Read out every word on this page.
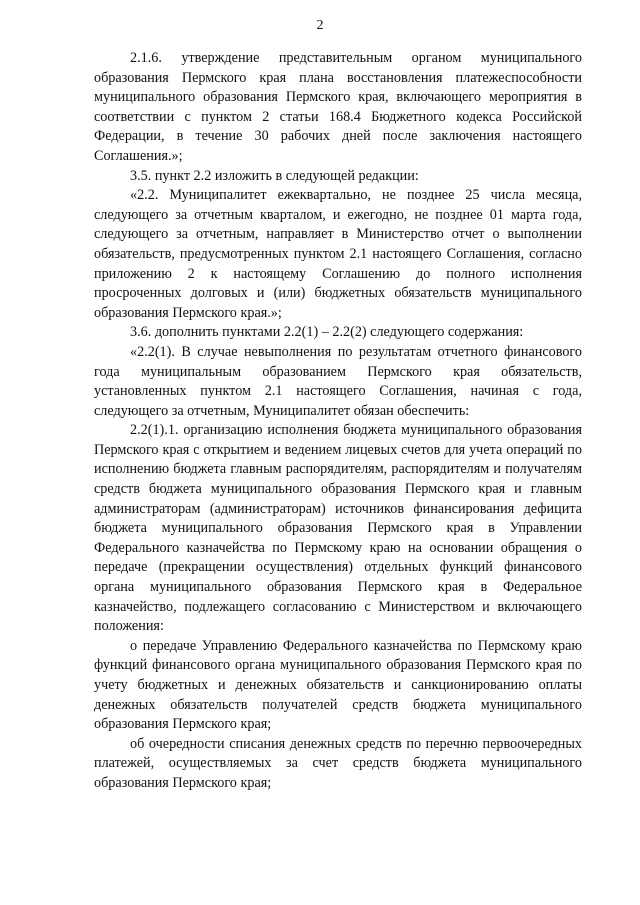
2

2.1.6. утверждение представительным органом муниципального образования Пермского края плана восстановления платежеспособности муниципального образования Пермского края, включающего мероприятия в соответствии с пунктом 2 статьи 168.4 Бюджетного кодекса Российской Федерации, в течение 30 рабочих дней после заключения настоящего Соглашения.»;

3.5. пункт 2.2 изложить в следующей редакции:

«2.2. Муниципалитет ежеквартально, не позднее 25 числа месяца, следующего за отчетным кварталом, и ежегодно, не позднее 01 марта года, следующего за отчетным, направляет в Министерство отчет о выполнении обязательств, предусмотренных пунктом 2.1 настоящего Соглашения, согласно приложению 2 к настоящему Соглашению до полного исполнения просроченных долговых и (или) бюджетных обязательств муниципального образования Пермского края.»;

3.6. дополнить пунктами 2.2(1) – 2.2(2) следующего содержания:

«2.2(1). В случае невыполнения по результатам отчетного финансового года муниципальным образованием Пермского края обязательств, установленных пунктом 2.1 настоящего Соглашения, начиная с года, следующего за отчетным, Муниципалитет обязан обеспечить:

2.2(1).1. организацию исполнения бюджета муниципального образования Пермского края с открытием и ведением лицевых счетов для учета операций по исполнению бюджета главным распорядителям, распорядителям и получателям средств бюджета муниципального образования Пермского края и главным администраторам (администраторам) источников финансирования дефицита бюджета муниципального образования Пермского края в Управлении Федерального казначейства по Пермскому краю на основании обращения о передаче (прекращении осуществления) отдельных функций финансового органа муниципального образования Пермского края в Федеральное казначейство, подлежащего согласованию с Министерством и включающего положения:

о передаче Управлению Федерального казначейства по Пермскому краю функций финансового органа муниципального образования Пермского края по учету бюджетных и денежных обязательств и санкционированию оплаты денежных обязательств получателей средств бюджета муниципального образования Пермского края;

об очередности списания денежных средств по перечню первоочередных платежей, осуществляемых за счет средств бюджета муниципального образования Пермского края;
